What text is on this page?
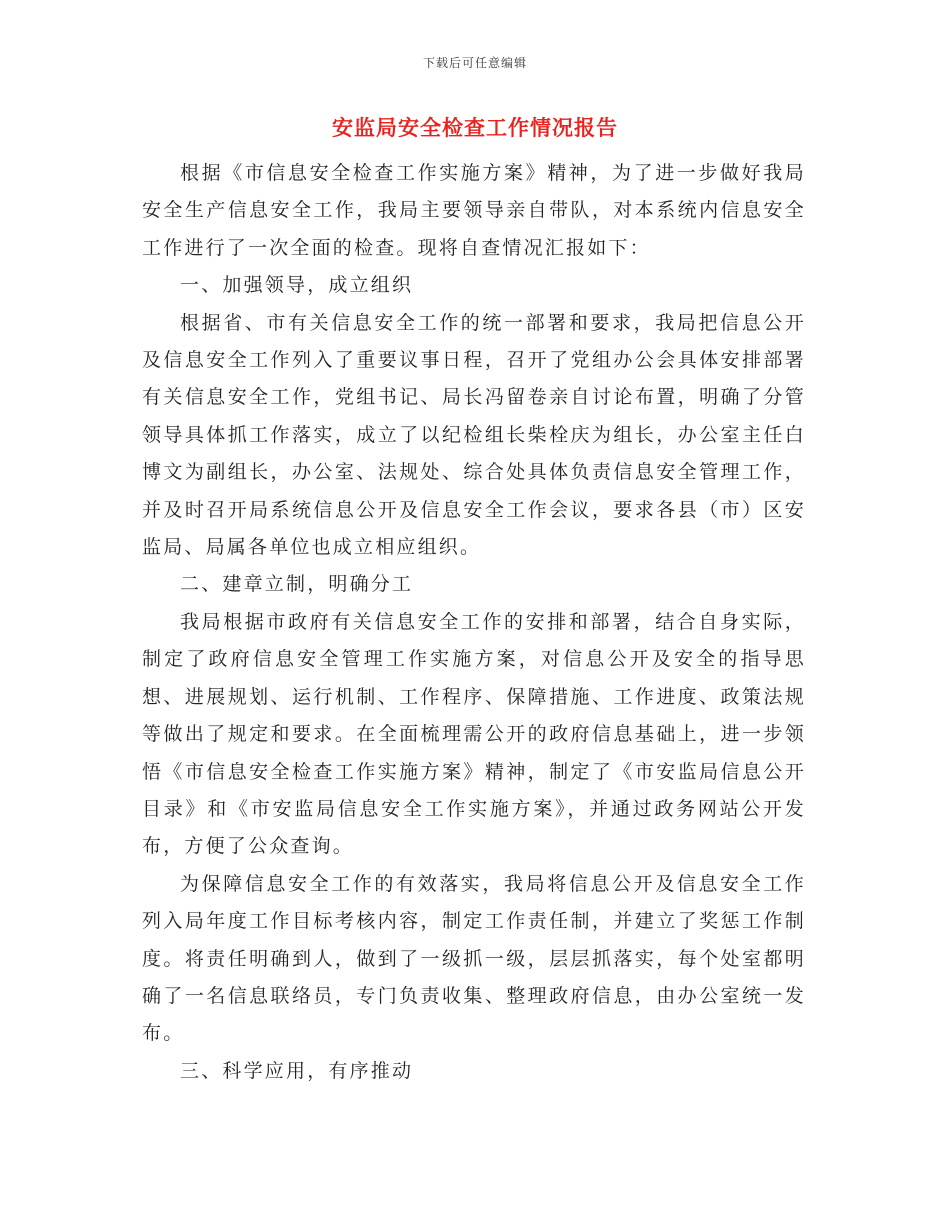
下载后可任意编辑
安监局安全检查工作情况报告

根据《市信息安全检查工作实施方案》精神，为了进一步做好我局安全生产信息安全工作，我局主要领导亲自带队，对本系统内信息安全工作进行了一次全面的检查。现将自查情况汇报如下：

一、加强领导，成立组织

根据省、市有关信息安全工作的统一部署和要求，我局把信息公开及信息安全工作列入了重要议事日程，召开了党组办公会具体安排部署有关信息安全工作，党组书记、局长冯留卷亲自讨论布置，明确了分管领导具体抓工作落实，成立了以纪检组长柴栓庆为组长，办公室主任白博文为副组长，办公室、法规处、综合处具体负责信息安全管理工作，并及时召开局系统信息公开及信息安全工作会议，要求各县（市）区安监局、局属各单位也成立相应组织。

二、建章立制，明确分工

我局根据市政府有关信息安全工作的安排和部署，结合自身实际，制定了政府信息安全管理工作实施方案，对信息公开及安全的指导思想、进展规划、运行机制、工作程序、保障措施、工作进度、政策法规等做出了规定和要求。在全面梳理需公开的政府信息基础上，进一步领悟《市信息安全检查工作实施方案》精神，制定了《市安监局信息公开目录》和《市安监局信息安全工作实施方案》，并通过政务网站公开发布，方便了公众查询。

为保障信息安全工作的有效落实，我局将信息公开及信息安全工作列入局年度工作目标考核内容，制定工作责任制，并建立了奖惩工作制度。将责任明确到人，做到了一级抓一级，层层抓落实，每个处室都明确了一名信息联络员，专门负责收集、整理政府信息，由办公室统一发布。

三、科学应用，有序推动
